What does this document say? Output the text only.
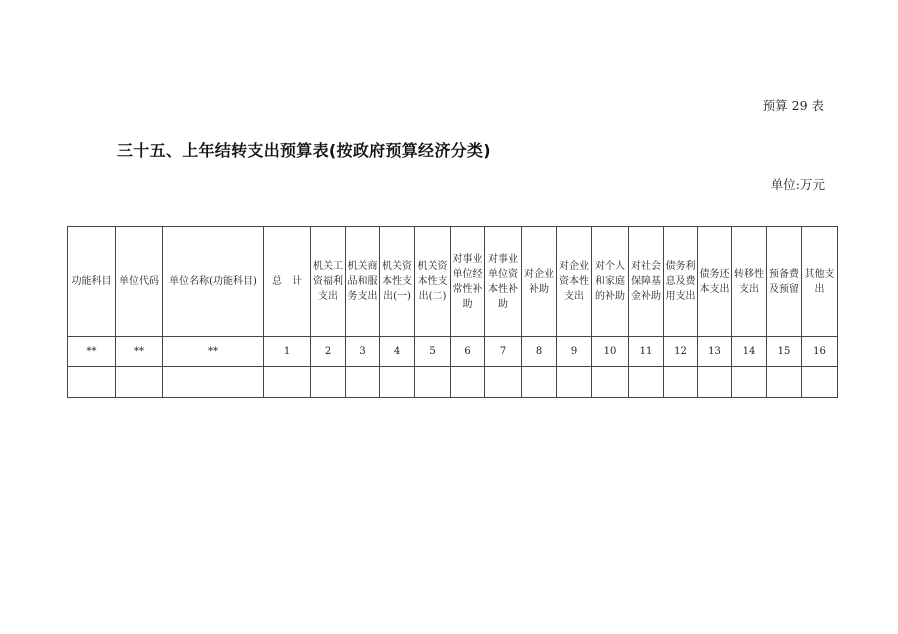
预算 29 表
三十五、上年结转支出预算表(按政府预算经济分类)
单位:万元
功能科目	单位代码	单位名称(功能科目)	总　计	机关工资福利支出	机关商品和服务支出	机关资本性支出(一)	机关资本性支出(二)	对事业单位经常性补助	对事业单位资本性补助	对企业补助	对企业资本性支出	对个人和家庭的补助	对社会保障基金补助	债务利息及费用支出	债务还本支出	转移性支出	预备费及预留	其他支出
**	**	**	1	2	3	4	5	6	7	8	9	10	11	12	13	14	15	16
